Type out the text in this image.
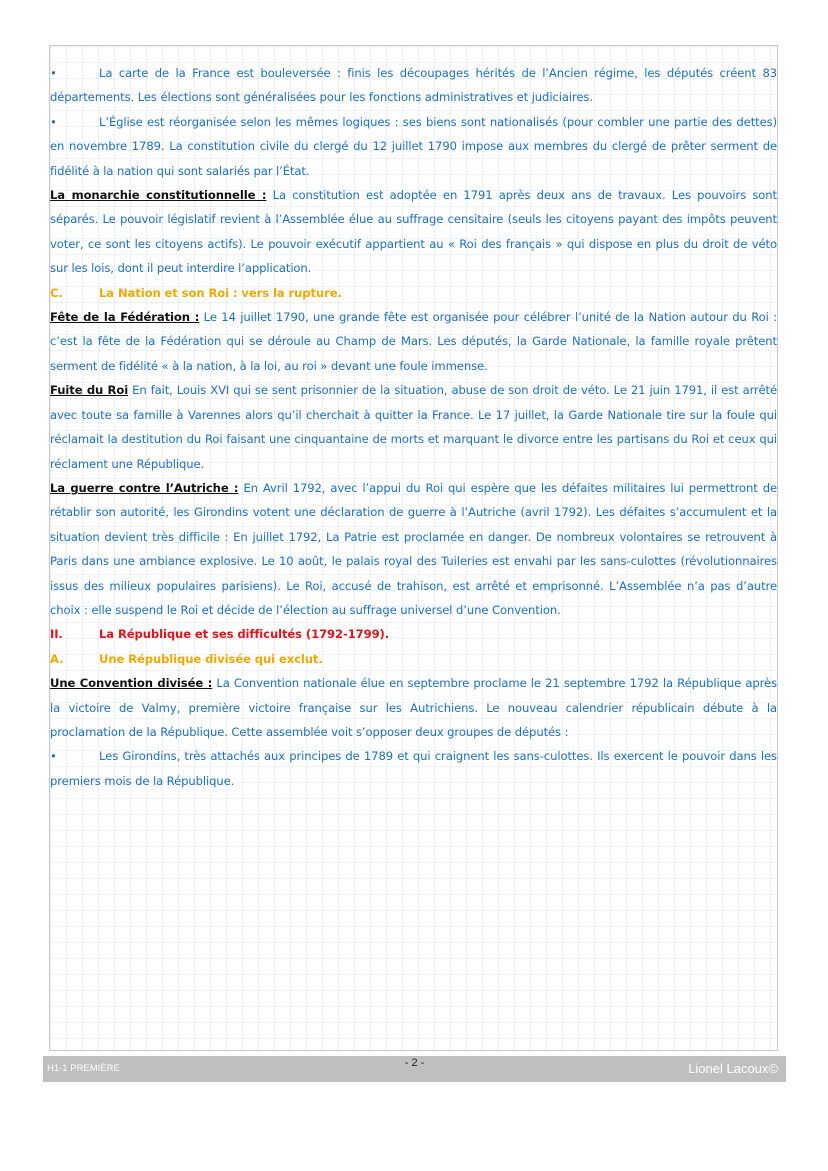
•	La carte de la France est bouleversée : finis les découpages hérités de l’Ancien régime, les députés créent 83 départements. Les élections sont généralisées pour les fonctions administratives et judiciaires.

•	L’Église est réorganisée selon les mêmes logiques : ses biens sont nationalisés (pour combler une partie des dettes) en novembre 1789. La constitution civile du clergé du 12 juillet 1790 impose aux membres du clergé de prêter serment de fidélité à la nation qui sont salariés par l’État.

La monarchie constitutionnelle : La constitution est adoptée en 1791 après deux ans de travaux. Les pouvoirs sont séparés. Le pouvoir législatif revient à l’Assemblée élue au suffrage censitaire (seuls les citoyens payant des impôts peuvent voter, ce sont les citoyens actifs). Le pouvoir exécutif appartient au « Roi des français » qui dispose en plus du droit de véto sur les lois, dont il peut interdire l’application.

C.	La Nation et son Roi : vers la rupture.

Fête de la Fédération : Le 14 juillet 1790, une grande fête est organisée pour célébrer l’unité de la Nation autour du Roi : c’est la fête de la Fédération qui se déroule au Champ de Mars. Les députés, la Garde Nationale, la famille royale prêtent serment de fidélité « à la nation, à la loi, au roi » devant une foule immense.

Fuite du Roi En fait, Louis XVI qui se sent prisonnier de la situation, abuse de son droit de véto. Le 21 juin 1791, il est arrêté avec toute sa famille à Varennes alors qu’il cherchait à quitter la France. Le 17 juillet, la Garde Nationale tire sur la foule qui réclamait la destitution du Roi faisant une cinquantaine de morts et marquant le divorce entre les partisans du Roi et ceux qui réclament une République.

La guerre contre l’Autriche : En Avril 1792, avec l’appui du Roi qui espère que les défaites militaires lui permettront de rétablir son autorité, les Girondins votent une déclaration de guerre à l’Autriche (avril 1792). Les défaites s’accumulent et la situation devient très difficile : En juillet 1792, La Patrie est proclamée en danger. De nombreux volontaires se retrouvent à Paris dans une ambiance explosive. Le 10 août, le palais royal des Tuileries est envahi par les sans-culottes (révolutionnaires issus des milieux populaires parisiens). Le Roi, accusé de trahison, est arrêté et emprisonné. L’Assemblée n’a pas d’autre choix : elle suspend le Roi et décide de l’élection au suffrage universel d’une Convention.

II.	La République et ses difficultés (1792-1799).

A.	Une République divisée qui exclut.

Une Convention divisée : La Convention nationale élue en septembre proclame le 21 septembre 1792 la République après la victoire de Valmy, première victoire française sur les Autrichiens. Le nouveau calendrier républicain débute à la proclamation de la République. Cette assemblée voit s’opposer deux groupes de députés :

•	Les Girondins, très attachés aux principes de 1789 et qui craignent les sans-culottes. Ils exercent le pouvoir dans les premiers mois de la République.

H1-1 PREMIÈRE	- 2 -	Lionel Lacoux©
